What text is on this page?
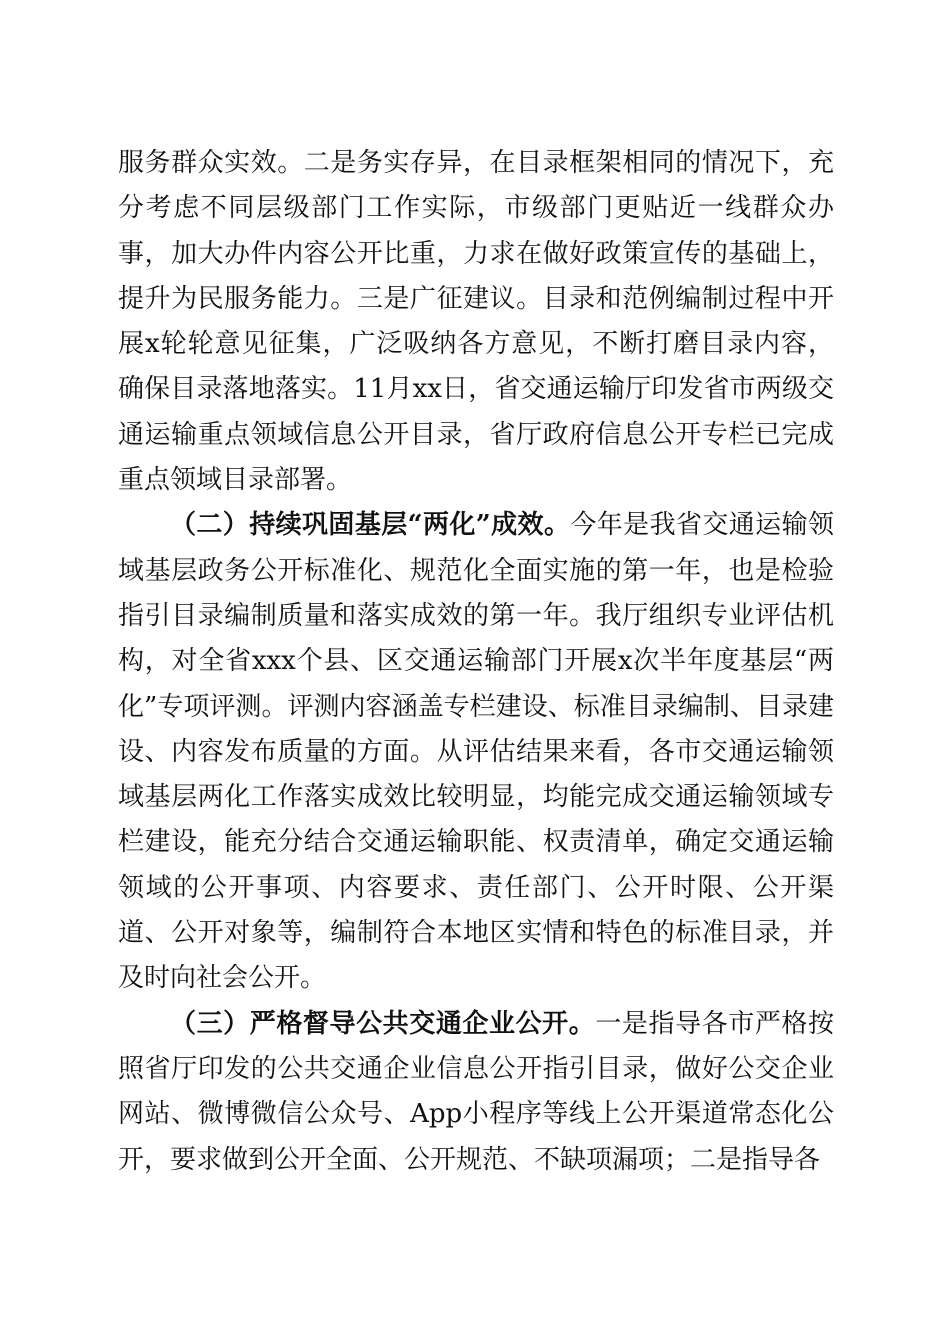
服务群众实效。二是务实存异，在目录框架相同的情况下，充分考虑不同层级部门工作实际，市级部门更贴近一线群众办事，加大办件内容公开比重，力求在做好政策宣传的基础上，提升为民服务能力。三是广征建议。目录和范例编制过程中开展x轮轮意见征集，广泛吸纳各方意见，不断打磨目录内容，确保目录落地落实。11月xx日，省交通运输厅印发省市两级交通运输重点领域信息公开目录，省厅政府信息公开专栏已完成重点领域目录部署。

（二）持续巩固基层“两化”成效。今年是我省交通运输领域基层政务公开标准化、规范化全面实施的第一年，也是检验指引目录编制质量和落实成效的第一年。我厅组织专业评估机构，对全省xxx个县、区交通运输部门开展x次半年度基层“两化”专项评测。评测内容涵盖专栏建设、标准目录编制、目录建设、内容发布质量的方面。从评估结果来看，各市交通运输领域基层两化工作落实成效比较明显，均能完成交通运输领域专栏建设，能充分结合交通运输职能、权责清单，确定交通运输领域的公开事项、内容要求、责任部门、公开时限、公开渠道、公开对象等，编制符合本地区实情和特色的标准目录，并及时向社会公开。

（三）严格督导公共交通企业公开。一是指导各市严格按照省厅印发的公共交通企业信息公开指引目录，做好公交企业网站、微博微信公众号、App小程序等线上公开渠道常态化公开，要求做到公开全面、公开规范、不缺项漏项；二是指导各
